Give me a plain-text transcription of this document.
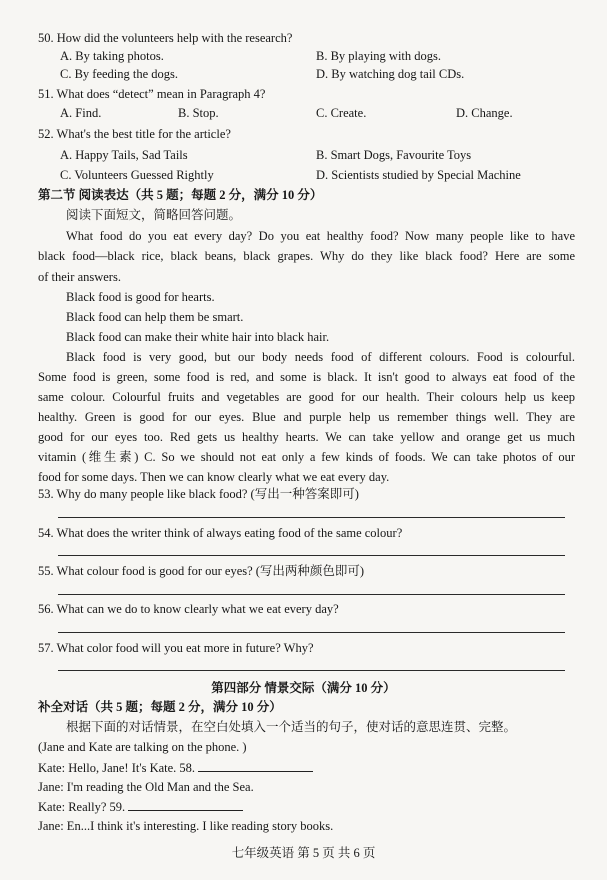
50. How did the volunteers help with the research?
A. By taking photos.	B. By playing with dogs.
C. By feeding the dogs.	D. By watching dog tail CDs.
51. What does “detect” mean in Paragraph 4?
A. Find.	B. Stop.	C. Create.	D. Change.
52. What's the best title for the article?
A. Happy Tails, Sad Tails	B. Smart Dogs, Favourite Toys
C. Volunteers Guessed Rightly	D. Scientists studied by Special Machine
第二节 阅读表达（共 5 题；每题 2 分，满分 10 分）
阅读下面短文，简略回答问题。
What food do you eat every day? Do you eat healthy food? Now many people like to have
black food—black rice, black beans, black grapes. Why do they like black food? Here are some
of their answers.
Black food is good for hearts.
Black food can help them be smart.
Black food can make their white hair into black hair.
Black food is very good, but our body needs food of different colours. Food is colourful.
Some food is green, some food is red, and some is black. It isn't good to always eat food of the
same colour. Colourful fruits and vegetables are good for our health. Their colours help us keep
healthy. Green is good for our eyes. Blue and purple help us remember things well. They are
good for our eyes too. Red gets us healthy hearts. We can take yellow and orange get us much
vitamin (维生素) C. So we should not eat only a few kinds of foods. We can take photos of our
food for some days. Then we can know clearly what we eat every day.
53. Why do many people like black food? (写出一种答案即可)
54. What does the writer think of always eating food of the same colour?
55. What colour food is good for our eyes? (写出两种颜色即可)
56. What can we do to know clearly what we eat every day?
57. What color food will you eat more in future? Why?
第四部分 情景交际（满分 10 分）
补全对话（共 5 题；每题 2 分，满分 10 分）
根据下面的对话情景，在空白处填入一个适当的句子，使对话的意思连贯、完整。
(Jane and Kate are talking on the phone. )
Kate: Hello, Jane! It's Kate. 58.
Jane: I'm reading the Old Man and the Sea.
Kate: Really? 59.
Jane: En...I think it's interesting. I like reading story books.
七年级英语 第 5 页 共 6 页
